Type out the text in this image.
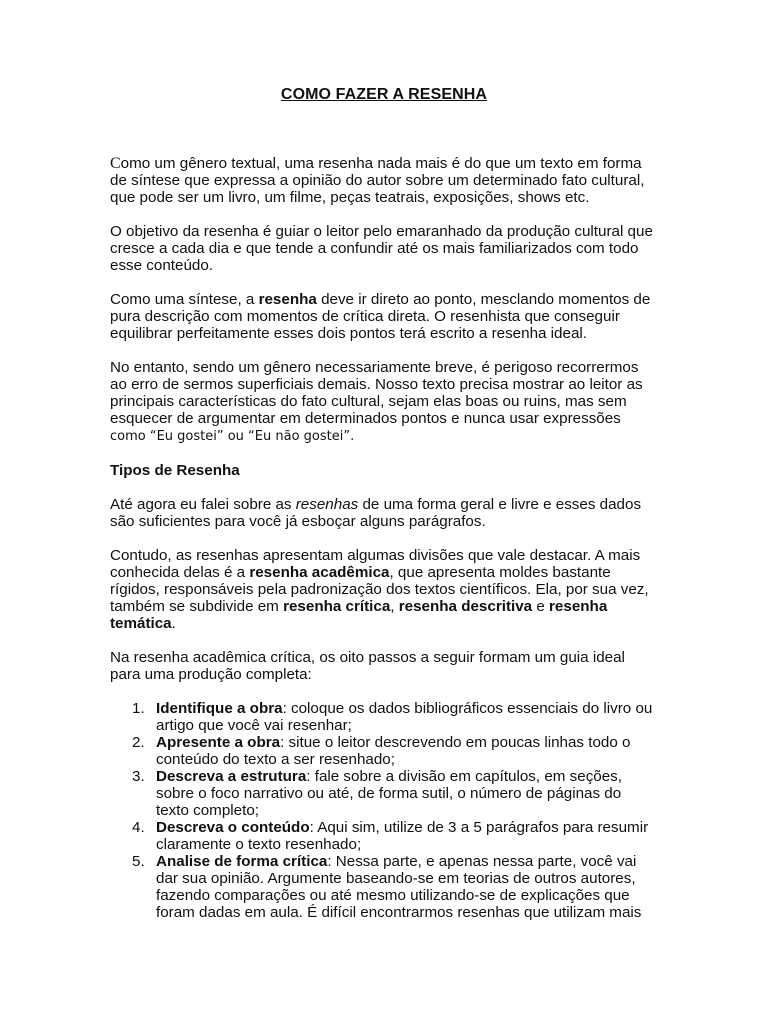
COMO FAZER A RESENHA

Como um gênero textual, uma resenha nada mais é do que um texto em forma de síntese que expressa a opinião do autor sobre um determinado fato cultural, que pode ser um livro, um filme, peças teatrais, exposições, shows etc.

O objetivo da resenha é guiar o leitor pelo emaranhado da produção cultural que cresce a cada dia e que tende a confundir até os mais familiarizados com todo esse conteúdo.

Como uma síntese, a resenha deve ir direto ao ponto, mesclando momentos de pura descrição com momentos de crítica direta. O resenhista que conseguir equilibrar perfeitamente esses dois pontos terá escrito a resenha ideal.

No entanto, sendo um gênero necessariamente breve, é perigoso recorrermos ao erro de sermos superficiais demais. Nosso texto precisa mostrar ao leitor as principais características do fato cultural, sejam elas boas ou ruins, mas sem esquecer de argumentar em determinados pontos e nunca usar expressões
como “Eu gostei” ou “Eu não gostei”.

Tipos de Resenha

Até agora eu falei sobre as resenhas de uma forma geral e livre e esses dados são suficientes para você já esboçar alguns parágrafos.

Contudo, as resenhas apresentam algumas divisões que vale destacar. A mais conhecida delas é a resenha acadêmica, que apresenta moldes bastante rígidos, responsáveis pela padronização dos textos científicos. Ela, por sua vez, também se subdivide em resenha crítica, resenha descritiva e resenha temática.

Na resenha acadêmica crítica, os oito passos a seguir formam um guia ideal para uma produção completa:

1. Identifique a obra: coloque os dados bibliográficos essenciais do livro ou artigo que você vai resenhar;
2. Apresente a obra: situe o leitor descrevendo em poucas linhas todo o conteúdo do texto a ser resenhado;
3. Descreva a estrutura: fale sobre a divisão em capítulos, em seções, sobre o foco narrativo ou até, de forma sutil, o número de páginas do texto completo;
4. Descreva o conteúdo: Aqui sim, utilize de 3 a 5 parágrafos para resumir claramente o texto resenhado;
5. Analise de forma crítica: Nessa parte, e apenas nessa parte, você vai dar sua opinião. Argumente baseando-se em teorias de outros autores, fazendo comparações ou até mesmo utilizando-se de explicações que foram dadas em aula. É difícil encontrarmos resenhas que utilizam mais
